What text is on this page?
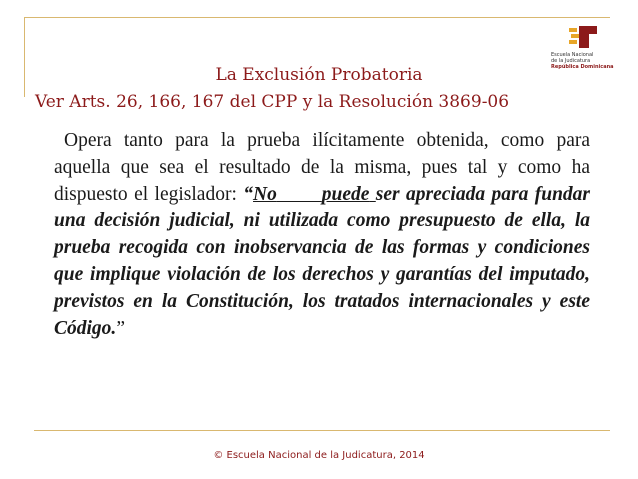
Escuela Nacional
de la Judicatura
República Dominicana
La Exclusión Probatoria
Ver Arts. 26, 166, 167 del CPP y la Resolución 3869-06
Opera tanto para la prueba ilícitamente obtenida, como para aquella que sea el resultado de la misma, pues tal y como ha dispuesto el legislador: “No puede ser apreciada para fundar una decisión judicial, ni utilizada como presupuesto de ella, la prueba recogida con inobservancia de las formas y condiciones que implique violación de los derechos y garantías del imputado, previstos en la Constitución, los tratados internacionales y este Código.”
© Escuela Nacional de la Judicatura, 2014
